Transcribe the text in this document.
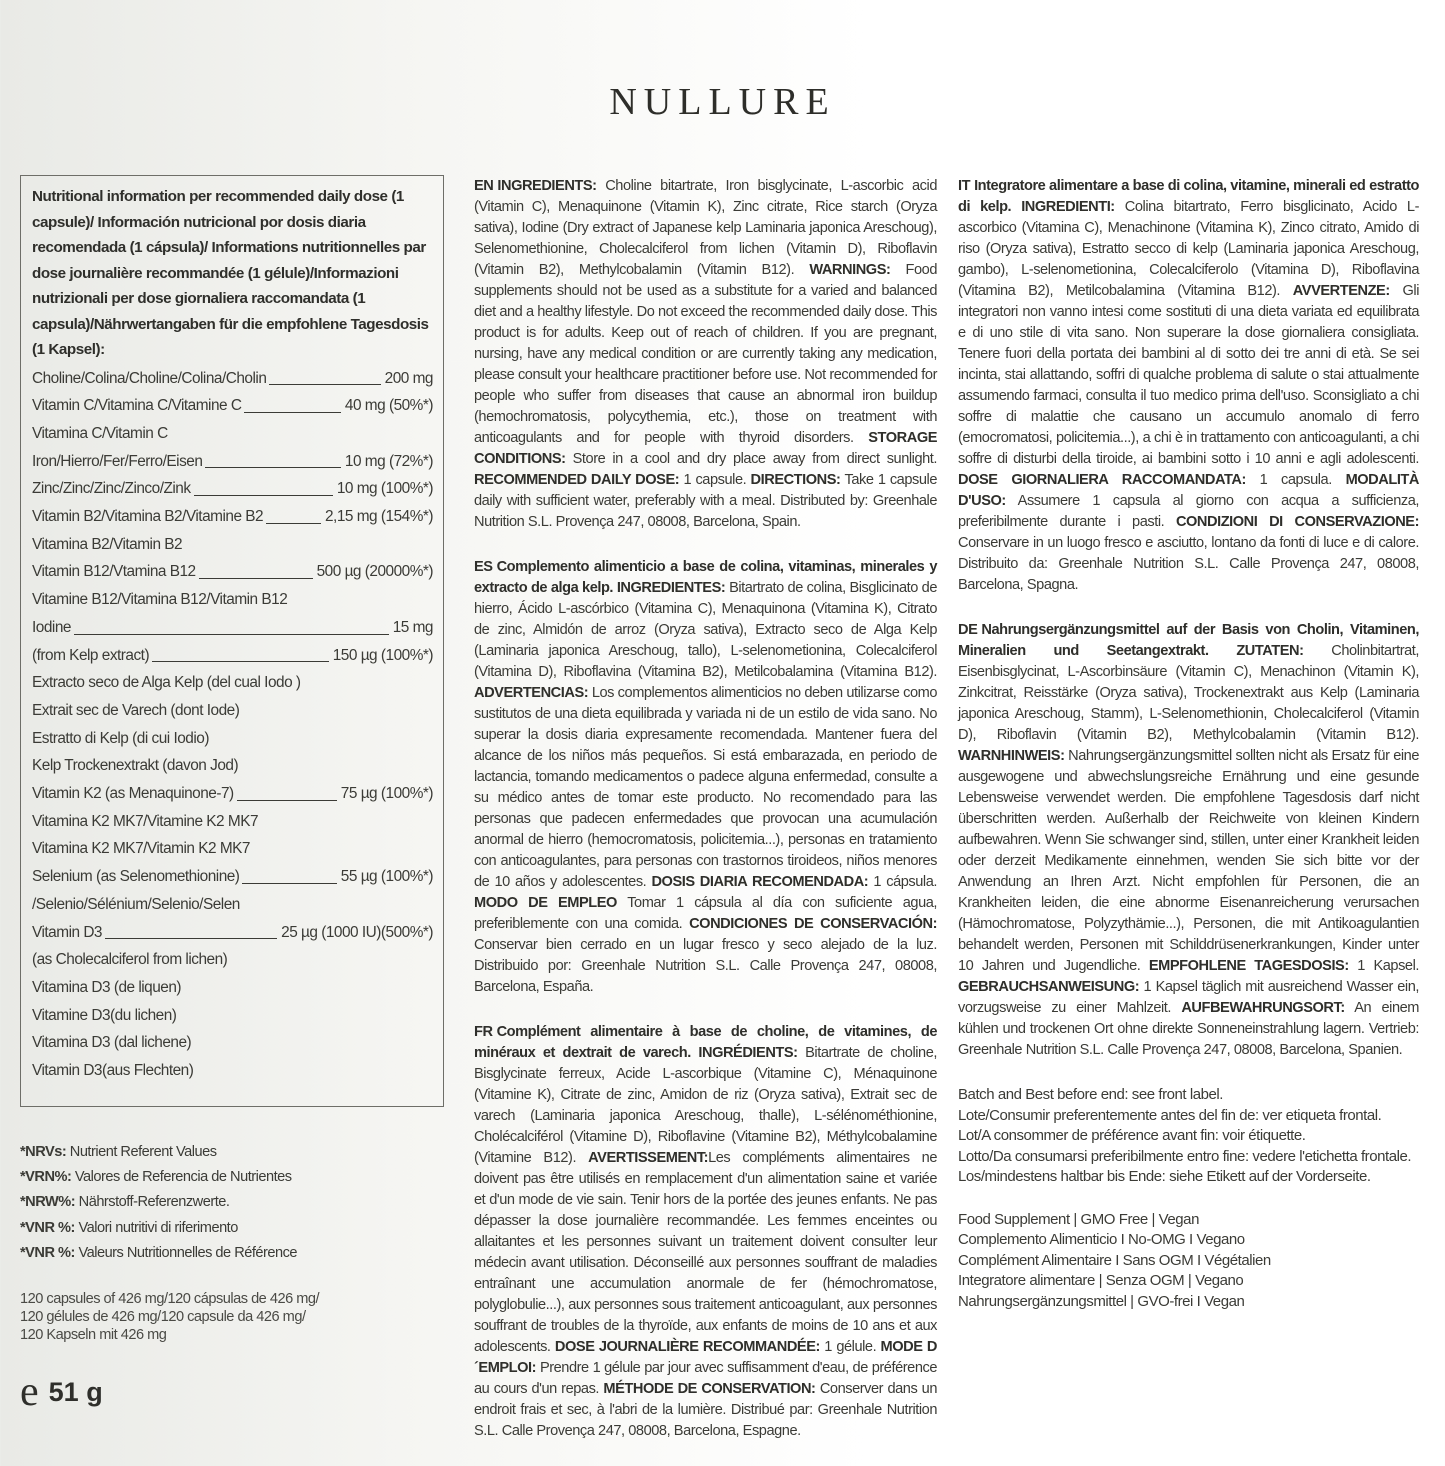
NULLURE
Nutritional information per recommended daily dose (1 capsule)/ Información nutricional por dosis diaria recomendada (1 cápsula)/ Informations nutritionnelles par dose journalière recommandée (1 gélule)/Informazioni nutrizionali per dose giornaliera raccomandata (1 capsula)/Nährwertangaben für die empfohlene Tagesdosis (1 Kapsel):
Choline/Colina/Choline/Colina/Cholin	200 mg
Vitamin C/Vitamina C/Vitamine C	40 mg (50%*)
Vitamina C/Vitamin C
Iron/Hierro/Fer/Ferro/Eisen	10 mg (72%*)
Zinc/Zinc/Zinc/Zinco/Zink	10 mg (100%*)
Vitamin B2/Vitamina B2/Vitamine B2	2,15 mg (154%*)
Vitamina B2/Vitamin B2
Vitamin B12/Vtamina B12	500 µg (20000%*)
Vitamine B12/Vitamina B12/Vitamin B12
Iodine	15 mg
(from Kelp extract)	150 µg (100%*)
Extracto seco de Alga Kelp (del cual Iodo )
Extrait sec de Varech (dont Iode)
Estratto di Kelp (di cui Iodio)
Kelp Trockenextrakt (davon Jod)
Vitamin K2 (as Menaquinone-7)	75 µg (100%*)
Vitamina K2 MK7/Vitamine K2 MK7
Vitamina K2 MK7/Vitamin K2 MK7
Selenium (as Selenomethionine)	55 µg (100%*)
/Selenio/Sélénium/Selenio/Selen
Vitamin D3	25 µg (1000 IU)(500%*)
(as Cholecalciferol from lichen)
Vitamina D3 (de liquen)
Vitamine D3(du lichen)
Vitamina D3 (dal lichene)
Vitamin D3(aus Flechten)
*NRVs: Nutrient Referent Values
*VRN%: Valores de Referencia de Nutrientes
*NRW%: Nährstoff-Referenzwerte.
*VNR %: Valori nutritivi di riferimento
*VNR %: Valeurs Nutritionnelles de Référence
120 capsules of 426 mg/120 cápsulas de 426 mg/
120 gélules de 426 mg/120 capsule da 426 mg/
120 Kapseln mit 426 mg
e 51 g
EN INGREDIENTS: Choline bitartrate, Iron bisglycinate, L-ascorbic acid (Vitamin C), Menaquinone (Vitamin K), Zinc citrate, Rice starch (Oryza sativa), Iodine (Dry extract of Japanese kelp Laminaria japonica Areschoug), Selenomethionine, Cholecalciferol from lichen (Vitamin D), Riboflavin (Vitamin B2), Methylcobalamin (Vitamin B12). WARNINGS: Food supplements should not be used as a substitute for a varied and balanced diet and a healthy lifestyle. Do not exceed the recommended daily dose. This product is for adults. Keep out of reach of children. If you are pregnant, nursing, have any medical condition or are currently taking any medication, please consult your healthcare practitioner before use. Not recommended for people who suffer from diseases that cause an abnormal iron buildup (hemochromatosis, polycythemia, etc.), those on treatment with anticoagulants and for people with thyroid disorders. STORAGE CONDITIONS: Store in a cool and dry place away from direct sunlight. RECOMMENDED DAILY DOSE: 1 capsule. DIRECTIONS: Take 1 capsule daily with sufficient water, preferably with a meal. Distributed by: Greenhale Nutrition S.L. Provença 247, 08008, Barcelona, Spain.
ES Complemento alimenticio a base de colina, vitaminas, minerales y extracto de alga kelp. INGREDIENTES: Bitartrato de colina, Bisglicinato de hierro, Ácido L-ascórbico (Vitamina C), Menaquinona (Vitamina K), Citrato de zinc, Almidón de arroz (Oryza sativa), Extracto seco de Alga Kelp (Laminaria japonica Areschoug, tallo), L-selenometionina, Colecalciferol (Vitamina D), Riboflavina (Vitamina B2), Metilcobalamina (Vitamina B12). ADVERTENCIAS: Los complementos alimenticios no deben utilizarse como sustitutos de una dieta equilibrada y variada ni de un estilo de vida sano. No superar la dosis diaria expresamente recomendada. Mantener fuera del alcance de los niños más pequeños. Si está embarazada, en periodo de lactancia, tomando medicamentos o padece alguna enfermedad, consulte a su médico antes de tomar este producto. No recomendado para las personas que padecen enfermedades que provocan una acumulación anormal de hierro (hemocromatosis, policitemia...), personas en tratamiento con anticoagulantes, para personas con trastornos tiroideos, niños menores de 10 años y adolescentes. DOSIS DIARIA RECOMENDADA: 1 cápsula. MODO DE EMPLEO Tomar 1 cápsula al día con suficiente agua, preferiblemente con una comida. CONDICIONES DE CONSERVACIÓN: Conservar bien cerrado en un lugar fresco y seco alejado de la luz. Distribuido por: Greenhale Nutrition S.L. Calle Provença 247, 08008, Barcelona, España.
FR Complément alimentaire à base de choline, de vitamines, de minéraux et dextrait de varech. INGRÉDIENTS: Bitartrate de choline, Bisglycinate ferreux, Acide L-ascorbique (Vitamine C), Ménaquinone (Vitamine K), Citrate de zinc, Amidon de riz (Oryza sativa), Extrait sec de varech (Laminaria japonica Areschoug, thalle), L-sélénométhionine, Cholécalciférol (Vitamine D), Riboflavine (Vitamine B2), Méthylcobalamine (Vitamine B12). AVERTISSEMENT:Les compléments alimentaires ne doivent pas être utilisés en remplacement d'un alimentation saine et variée et d'un mode de vie sain. Tenir hors de la portée des jeunes enfants. Ne pas dépasser la dose journalière recommandée. Les femmes enceintes ou allaitantes et les personnes suivant un traitement doivent consulter leur médecin avant utilisation. Déconseillé aux personnes souffrant de maladies entraînant une accumulation anormale de fer (hémochromatose, polyglobulie...), aux personnes sous traitement anticoagulant, aux personnes souffrant de troubles de la thyroïde, aux enfants de moins de 10 ans et aux adolescents. DOSE JOURNALIÈRE RECOMMANDÉE: 1 gélule. MODE D´EMPLOI: Prendre 1 gélule par jour avec suffisamment d'eau, de préférence au cours d'un repas. MÉTHODE DE CONSERVATION: Conserver dans un endroit frais et sec, à l'abri de la lumière. Distribué par: Greenhale Nutrition S.L. Calle Provença 247, 08008, Barcelona, Espagne.
IT Integratore alimentare a base di colina, vitamine, minerali ed estratto di kelp. INGREDIENTI: Colina bitartrato, Ferro bisglicinato, Acido L-ascorbico (Vitamina C), Menachinone (Vitamina K), Zinco citrato, Amido di riso (Oryza sativa), Estratto secco di kelp (Laminaria japonica Areschoug, gambo), L-selenometionina, Colecalciferolo (Vitamina D), Riboflavina (Vitamina B2), Metilcobalamina (Vitamina B12). AVVERTENZE: Gli integratori non vanno intesi come sostituti di una dieta variata ed equilibrata e di uno stile di vita sano. Non superare la dose giornaliera consigliata. Tenere fuori della portata dei bambini al di sotto dei tre anni di età. Se sei incinta, stai allattando, soffri di qualche problema di salute o stai attualmente assumendo farmaci, consulta il tuo medico prima dell'uso. Sconsigliato a chi soffre di malattie che causano un accumulo anomalo di ferro (emocromatosi, policitemia...), a chi è in trattamento con anticoagulanti, a chi soffre di disturbi della tiroide, ai bambini sotto i 10 anni e agli adolescenti. DOSE GIORNALIERA RACCOMANDATA: 1 capsula. MODALITÀ D'USO: Assumere 1 capsula al giorno con acqua a sufficienza, preferibilmente durante i pasti. CONDIZIONI DI CONSERVAZIONE: Conservare in un luogo fresco e asciutto, lontano da fonti di luce e di calore. Distribuito da: Greenhale Nutrition S.L. Calle Provença 247, 08008, Barcelona, Spagna.
DE Nahrungsergänzungsmittel auf der Basis von Cholin, Vitaminen, Mineralien und Seetangextrakt. ZUTATEN: Cholinbitartrat, Eisenbisglycinat, L-Ascorbinsäure (Vitamin C), Menachinon (Vitamin K), Zinkcitrat, Reisstärke (Oryza sativa), Trockenextrakt aus Kelp (Laminaria japonica Areschoug, Stamm), L-Selenomethionin, Cholecalciferol (Vitamin D), Riboflavin (Vitamin B2), Methylcobalamin (Vitamin B12). WARNHINWEIS: Nahrungsergänzungsmittel sollten nicht als Ersatz für eine ausgewogene und abwechslungsreiche Ernährung und eine gesunde Lebensweise verwendet werden. Die empfohlene Tagesdosis darf nicht überschritten werden. Außerhalb der Reichweite von kleinen Kindern aufbewahren. Wenn Sie schwanger sind, stillen, unter einer Krankheit leiden oder derzeit Medikamente einnehmen, wenden Sie sich bitte vor der Anwendung an Ihren Arzt. Nicht empfohlen für Personen, die an Krankheiten leiden, die eine abnorme Eisenanreicherung verursachen (Hämochromatose, Polyzythämie...), Personen, die mit Antikoagulantien behandelt werden, Personen mit Schilddrüsenerkrankungen, Kinder unter 10 Jahren und Jugendliche. EMPFOHLENE TAGESDOSIS: 1 Kapsel. GEBRAUCHSANWEISUNG: 1 Kapsel täglich mit ausreichend Wasser ein, vorzugsweise zu einer Mahlzeit. AUFBEWAHRUNGSORT: An einem kühlen und trockenen Ort ohne direkte Sonneneinstrahlung lagern. Vertrieb: Greenhale Nutrition S.L. Calle Provença 247, 08008, Barcelona, Spanien.
Batch and Best before end: see front label.
Lote/Consumir preferentemente antes del fin de: ver etiqueta frontal.
Lot/A consommer de préférence avant fin: voir étiquette.
Lotto/Da consumarsi preferibilmente entro fine: vedere l'etichetta frontale.
Los/mindestens haltbar bis Ende: siehe Etikett auf der Vorderseite.
Food Supplement | GMO Free | Vegan
Complemento Alimenticio I No-OMG I Vegano
Complément Alimentaire I Sans OGM I Végétalien
Integratore alimentare | Senza OGM | Vegano
Nahrungsergänzungsmittel | GVO-frei I Vegan
